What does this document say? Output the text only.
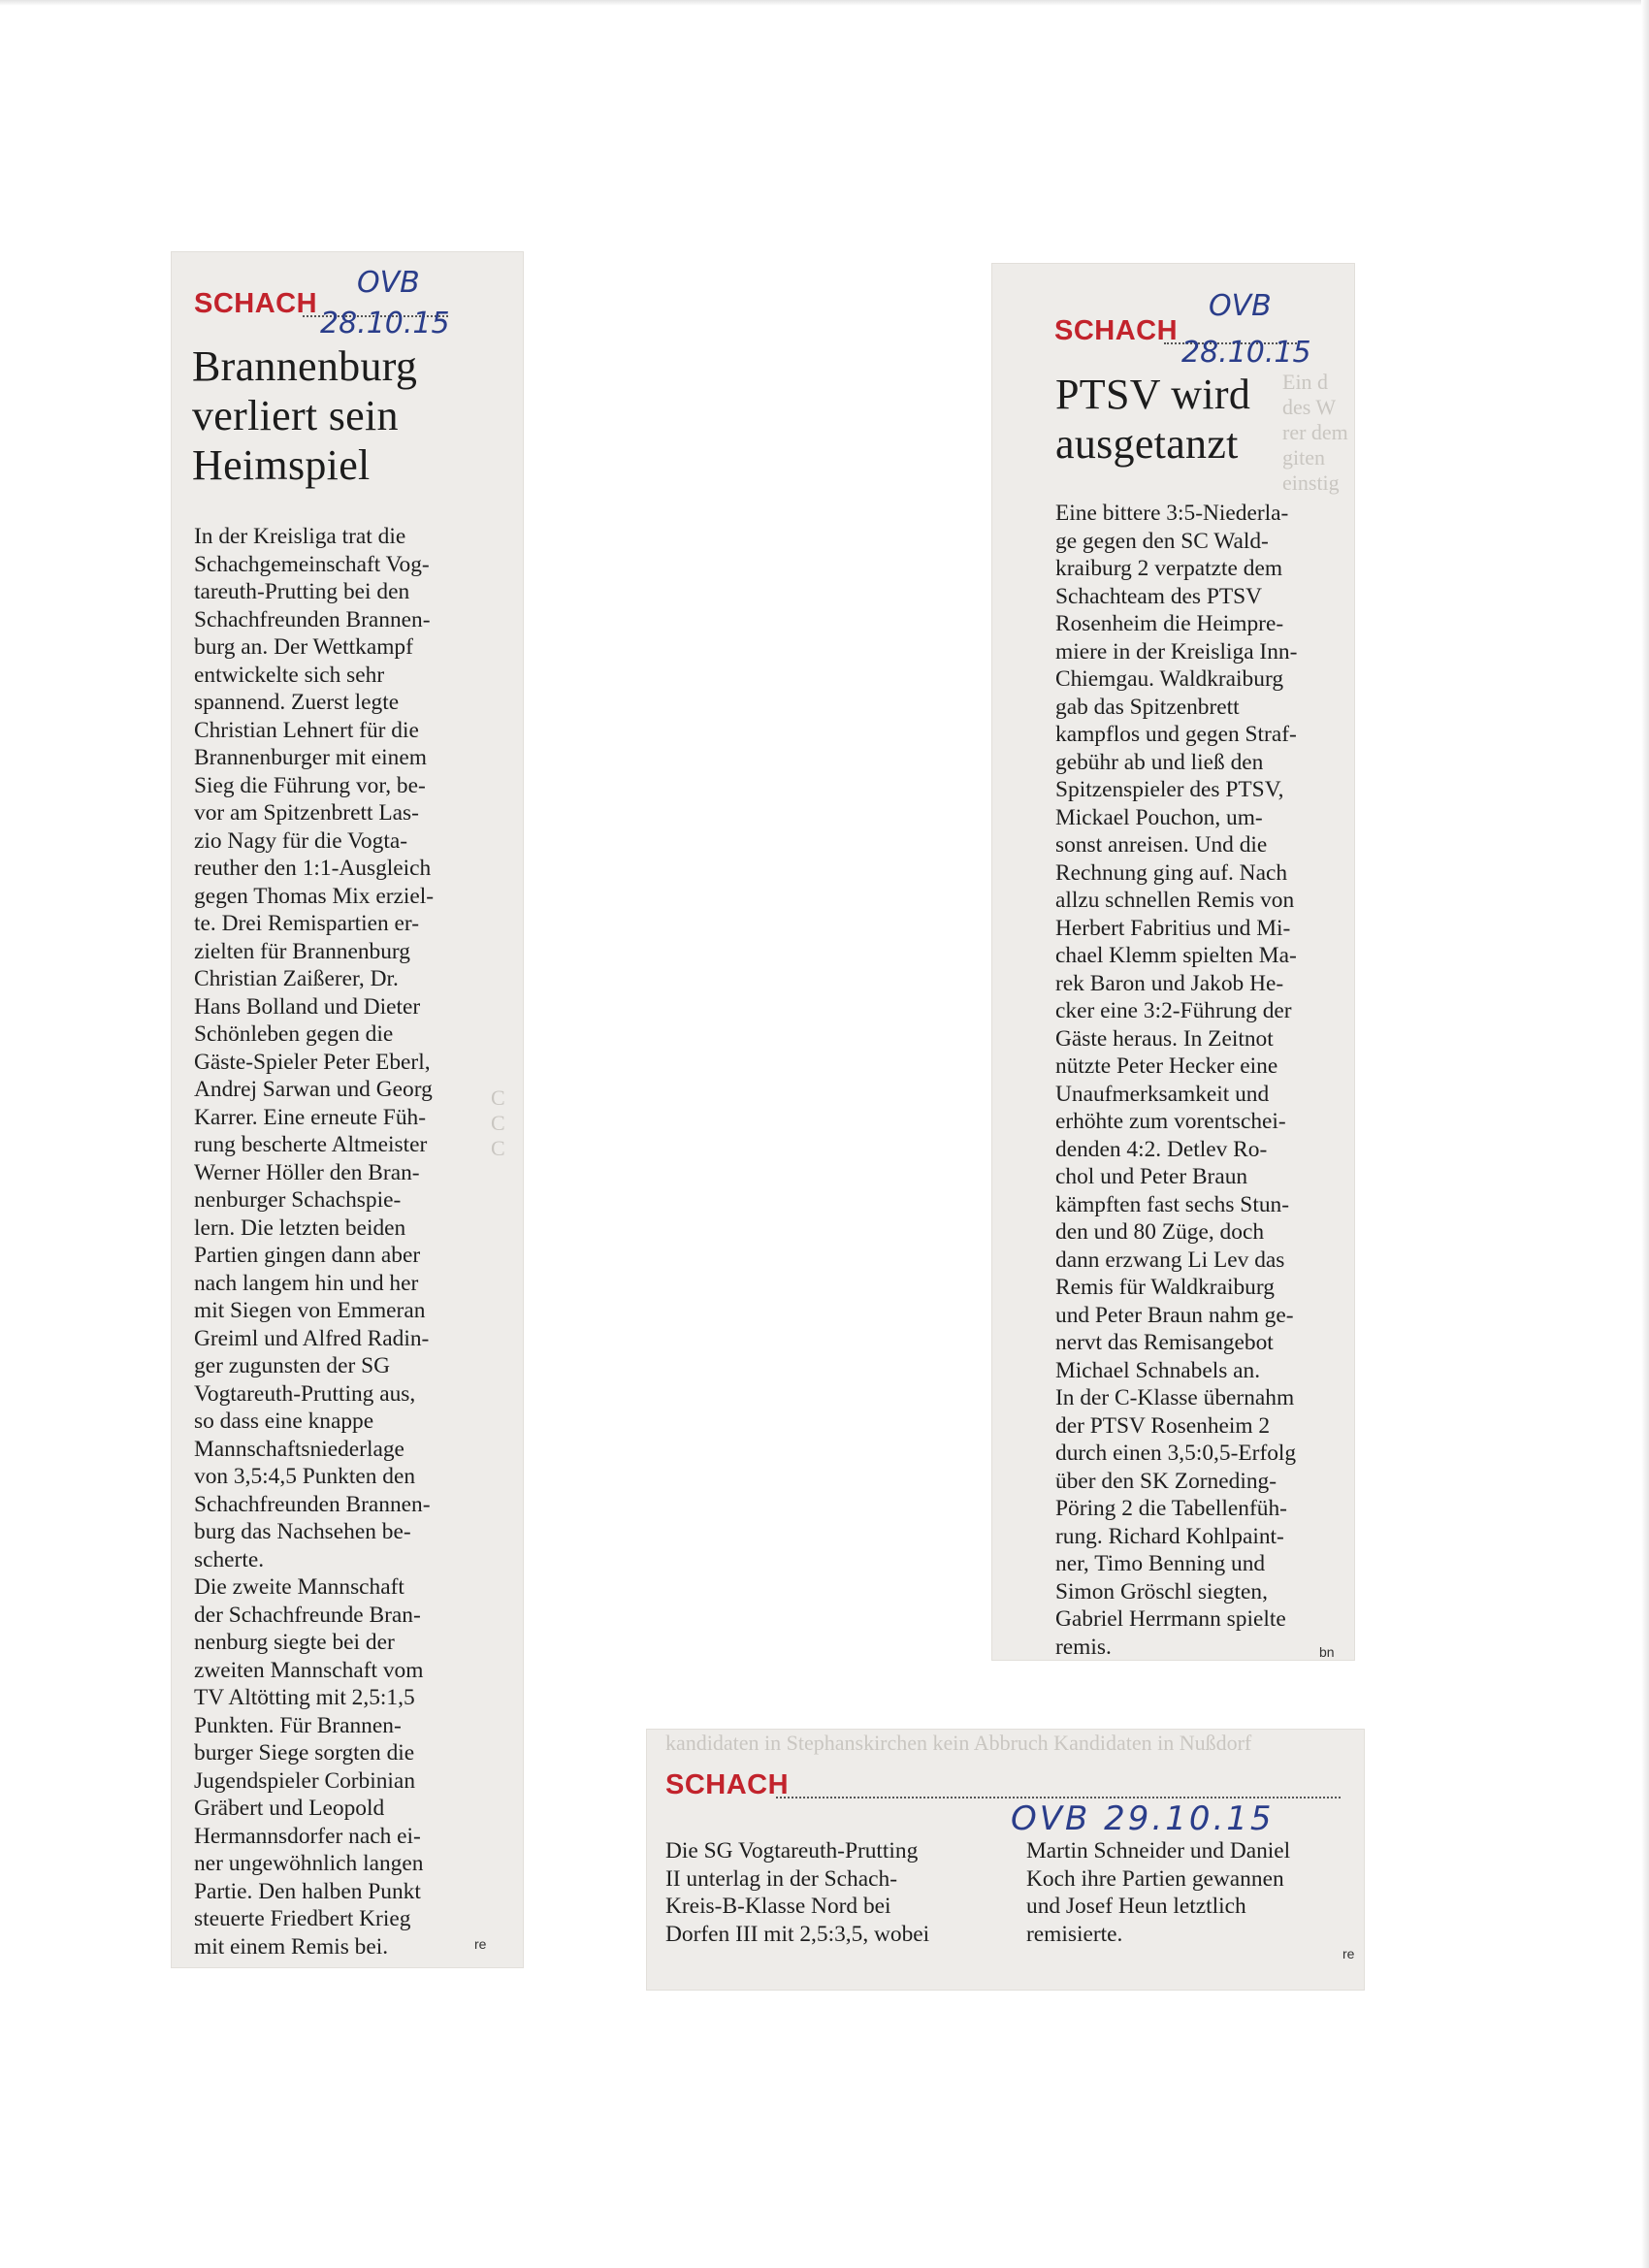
C
C
C
SCHACH
OVB
28.10.15
Brannenburg
verliert sein
Heimspiel
In der Kreisliga trat die
Schachgemeinschaft Vog-
tareuth-Prutting bei den
Schachfreunden Brannen-
burg an. Der Wettkampf
entwickelte sich sehr
spannend. Zuerst legte
Christian Lehnert für die
Brannenburger mit einem
Sieg die Führung vor, be-
vor am Spitzenbrett Las-
zio Nagy für die Vogta-
reuther den 1:1-Ausgleich
gegen Thomas Mix erziel-
te. Drei Remispartien er-
zielten für Brannenburg
Christian Zaißerer, Dr.
Hans Bolland und Dieter
Schönleben gegen die
Gäste-Spieler Peter Eberl,
Andrej Sarwan und Georg
Karrer. Eine erneute Füh-
rung bescherte Altmeister
Werner Höller den Bran-
nenburger Schachspie-
lern. Die letzten beiden
Partien gingen dann aber
nach langem hin und her
mit Siegen von Emmeran
Greiml und Alfred Radin-
ger zugunsten der SG
Vogtareuth-Prutting aus,
so dass eine knappe
Mannschaftsniederlage
von 3,5:4,5 Punkten den
Schachfreunden Brannen-
burg das Nachsehen be-
scherte.
Die zweite Mannschaft
der Schachfreunde Bran-
nenburg siegte bei der
zweiten Mannschaft vom
TV Altötting mit 2,5:1,5
Punkten. Für Brannen-
burger Siege sorgten die
Jugendspieler Corbinian
Gräbert und Leopold
Hermannsdorfer nach ei-
ner ungewöhnlich langen
Partie. Den halben Punkt
steuerte Friedbert Krieg
mit einem Remis bei.	re
Ein d
des W
rer dem
giten
einstig
SCHACH
OVB
28.10.15
PTSV wird
ausgetanzt
Eine bittere 3:5-Niederla-
ge gegen den SC Wald-
kraiburg 2 verpatzte dem
Schachteam des PTSV
Rosenheim die Heimpre-
miere in der Kreisliga Inn-
Chiemgau. Waldkraiburg
gab das Spitzenbrett
kampflos und gegen Straf-
gebühr ab und ließ den
Spitzenspieler des PTSV,
Mickael Pouchon, um-
sonst anreisen. Und die
Rechnung ging auf. Nach
allzu schnellen Remis von
Herbert Fabritius und Mi-
chael Klemm spielten Ma-
rek Baron und Jakob He-
cker eine 3:2-Führung der
Gäste heraus. In Zeitnot
nützte Peter Hecker eine
Unaufmerksamkeit und
erhöhte zum vorentschei-
denden 4:2. Detlev Ro-
chol und Peter Braun
kämpften fast sechs Stun-
den und 80 Züge, doch
dann erzwang Li Lev das
Remis für Waldkraiburg
und Peter Braun nahm ge-
nervt das Remisangebot
Michael Schnabels an.
In der C-Klasse übernahm
der PTSV Rosenheim 2
durch einen 3,5:0,5-Erfolg
über den SK Zorneding-
Pöring 2 die Tabellenfüh-
rung. Richard Kohlpaint-
ner, Timo Benning und
Simon Gröschl siegten,
Gabriel Herrmann spielte
remis.	bn
kandidaten in Stephanskirchen kein Abbruch Kandidaten in Nußdorf
SCHACH
OVB 29.10.15
Die SG Vogtareuth-Prutting
II unterlag in der Schach-
Kreis-B-Klasse Nord bei
Dorfen III mit 2,5:3,5, wobei
Martin Schneider und Daniel
Koch ihre Partien gewannen
und Josef Heun letztlich
remisierte.
re
